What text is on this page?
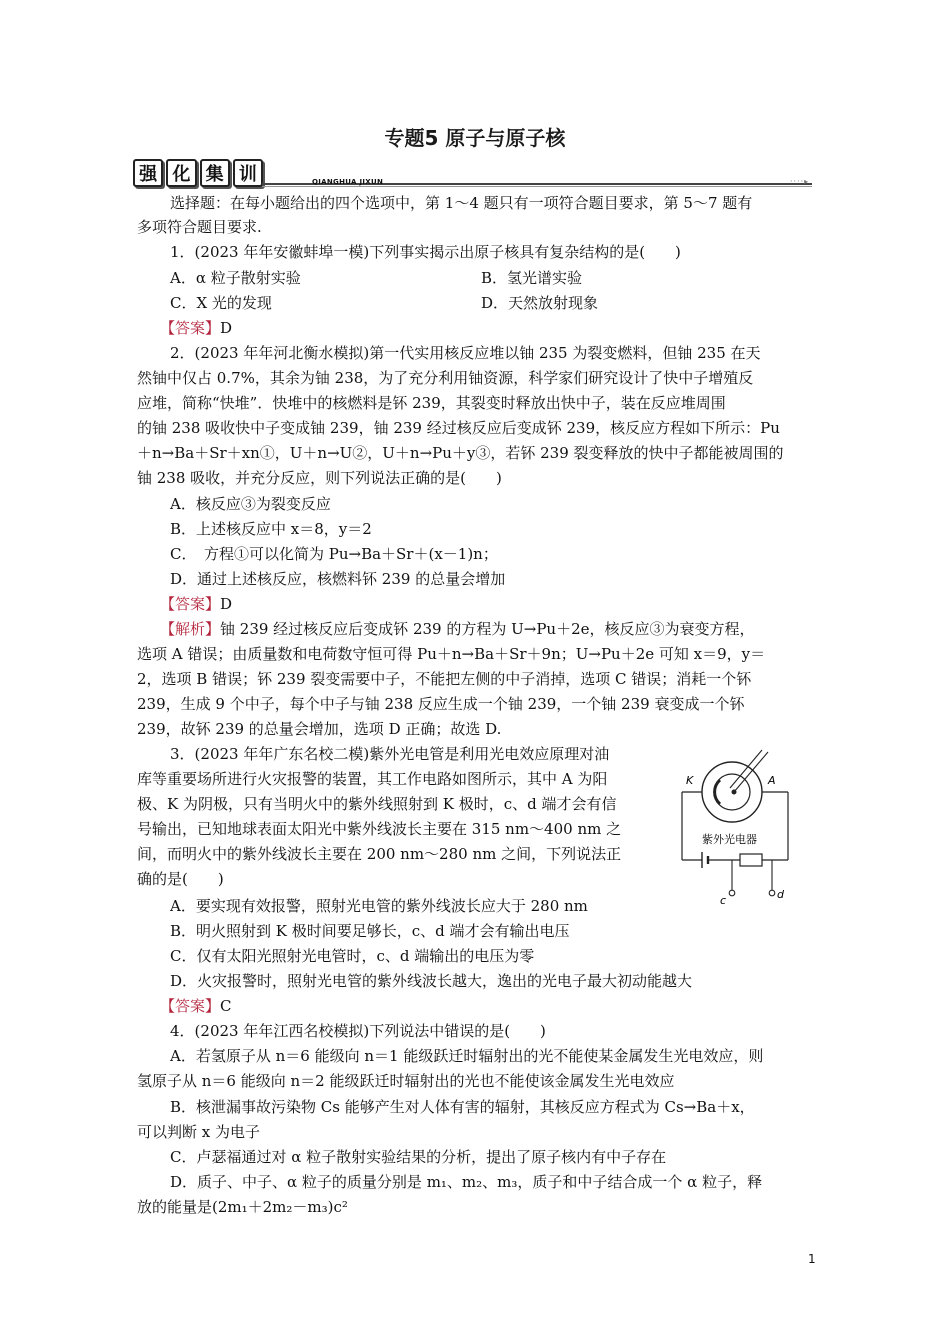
专题5 原子与原子核
强 化 集 训	QIANGHUA JIXUN	····▸
选择题：在每小题给出的四个选项中，第 1～4 题只有一项符合题目要求，第 5～7 题有
多项符合题目要求.
1．(2023 年年安徽蚌埠一模)下列事实揭示出原子核具有复杂结构的是(　　)
A．α 粒子散射实验	B．氢光谱实验
C．X 光的发现	D．天然放射现象
【答案】D
2．(2023 年年河北衡水模拟)第一代实用核反应堆以铀 235 为裂变燃料，但铀 235 在天
然铀中仅占 0.7%，其余为铀 238，为了充分利用铀资源，科学家们研究设计了快中子增殖反
应堆，简称“快堆”．快堆中的核燃料是钚 239，其裂变时释放出快中子，装在反应堆周围
的铀 238 吸收快中子变成铀 239，铀 239 经过核反应后变成钚 239，核反应方程如下所示：Pu
＋n→Ba＋Sr＋xn①，U＋n→U②，U＋n→Pu＋y③，若钚 239 裂变释放的快中子都能被周围的
铀 238 吸收，并充分反应，则下列说法正确的是(　　)
A．核反应③为裂变反应
B．上述核反应中 x＝8，y＝2
C．　方程①可以化简为 Pu→Ba＋Sr＋(x－1)n；
D．通过上述核反应，核燃料钚 239 的总量会增加
【答案】D
【解析】铀 239 经过核反应后变成钚 239 的方程为 U→Pu＋2e，核反应③为衰变方程，
选项 A 错误；由质量数和电荷数守恒可得 Pu＋n→Ba＋Sr＋9n；U→Pu＋2e 可知 x＝9，y＝
2，选项 B 错误；钚 239 裂变需要中子，不能把左侧的中子消掉，选项 C 错误；消耗一个钚
239，生成 9 个中子，每个中子与铀 238 反应生成一个铀 239，一个铀 239 衰变成一个钚
239，故钚 239 的总量会增加，选项 D 正确；故选 D.
3．(2023 年年广东名校二模)紫外光电管是利用光电效应原理对油
库等重要场所进行火灾报警的装置，其工作电路如图所示，其中 A 为阳
极、K 为阴极，只有当明火中的紫外线照射到 K 极时，c、d 端才会有信
号输出，已知地球表面太阳光中紫外线波长主要在 315 nm～400 nm 之
间，而明火中的紫外线波长主要在 200 nm～280 nm 之间，下列说法正
确的是(　　)
A．要实现有效报警，照射光电管的紫外线波长应大于 280 nm
B．明火照射到 K 极时间要足够长，c、d 端才会有输出电压
C．仅有太阳光照射光电管时，c、d 端输出的电压为零
D．火灾报警时，照射光电管的紫外线波长越大，逸出的光电子最大初动能越大
【答案】C
4．(2023 年年江西名校模拟)下列说法中错误的是(　　)
A．若氢原子从 n＝6 能级向 n＝1 能级跃迁时辐射出的光不能使某金属发生光电效应，则
氢原子从 n＝6 能级向 n＝2 能级跃迁时辐射出的光也不能使该金属发生光电效应
B．核泄漏事故污染物 Cs 能够产生对人体有害的辐射，其核反应方程式为 Cs→Ba＋x，
可以判断 x 为电子
C．卢瑟福通过对 α 粒子散射实验结果的分析，提出了原子核内有中子存在
D．质子、中子、α 粒子的质量分别是 m₁、m₂、m₃，质子和中子结合成一个 α 粒子，释
放的能量是(2m₁＋2m₂－m₃)c²
K	A
紫外光电器
c	d
1
